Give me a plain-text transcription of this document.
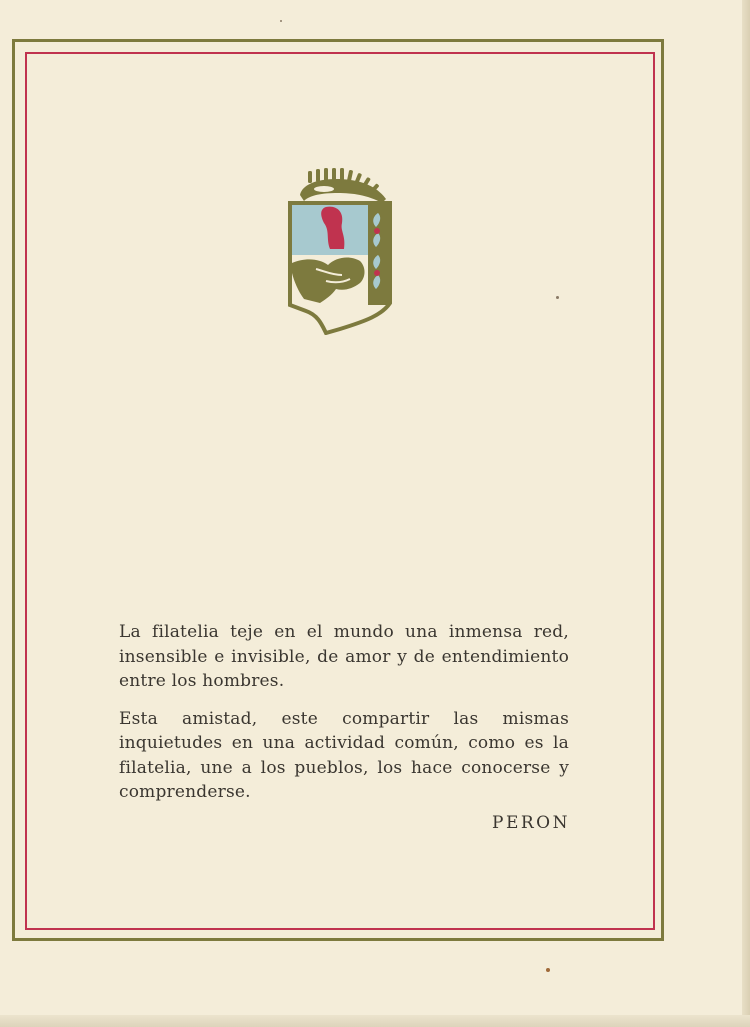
La filatelia teje en el mundo una inmensa red, insensible e invisible, de amor y de entendimiento entre los hombres.

Esta amistad, este compartir las mismas inquietudes en una actividad común, como es la filatelia, une a los pueblos, los hace conocerse y comprenderse.

PERON
